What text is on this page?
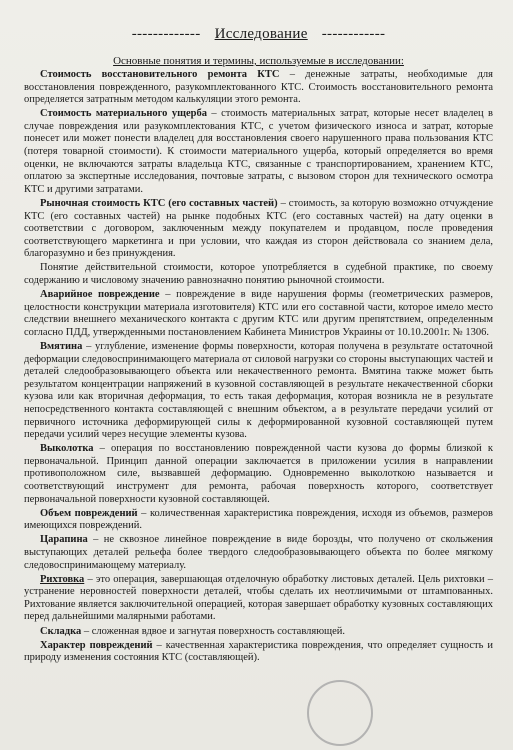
------------- Исследование ------------
Основные понятия и термины, используемые в исследовании:

Стоимость восстановительного ремонта КТС – денежные затраты, необходимые для восстановления поврежденного, разукомплектованного КТС. Стоимость восстановительного ремонта определяется затратным методом калькуляции этого ремонта.

Стоимость материального ущерба – стоимость материальных затрат, которые несет владелец в случае повреждения или разукомплектования КТС, с учетом физического износа и затрат, которые понесет или может понести владелец для восстановления своего нарушенного права пользования КТС (потеря товарной стоимости). К стоимости материального ущерба, который определяется во время оценки, не включаются затраты владельца КТС, связанные с транспортированием, хранением КТС, оплатою за экспертные исследования, почтовые затраты, с вызовом сторон для технического осмотра КТС и другими затратами.

Рыночная стоимость КТС (его составных частей) – стоимость, за которую возможно отчуждение КТС (его составных частей) на рынке подобных КТС (его составных частей) на дату оценки в соответствии с договором, заключенным между покупателем и продавцом, после проведения соответствующего маркетинга и при условии, что каждая из сторон действовала со знанием дела, благоразумно и без принуждения.

Понятие действительной стоимости, которое употребляется в судебной практике, по своему содержанию и числовому значению равнозначно понятию рыночной стоимости.

Аварийное повреждение – повреждение в виде нарушения формы (геометрических размеров, целостности конструкции материала изготовителя) КТС или его составной части, которое имело место следствии внешнего механического контакта с другим КТС или другим препятствием, определенным согласно ПДД, утвержденными постановлением Кабинета Министров Украины от 10.10.2001г. № 1306.

Вмятина – углубление, изменение формы поверхности, которая получена в результате остаточной деформации следовоспринимающего материала от силовой нагрузки со стороны выступающих частей и деталей следообразовывающего объекта или некачественного ремонта. Вмятина также может быть результатом концентрации напряжений в кузовной составляющей в результате некачественной сборки кузова или как вторичная деформация, то есть такая деформация, которая возникла не в результате непосредственного контакта составляющей с внешним объектом, а в результате передачи усилий от первичного источника деформирующей силы к деформированной кузовной составляющей путем передачи усилий через несущие элементы кузова.

Выколотка – операция по восстановлению поврежденной части кузова до формы близкой к первоначальной. Принцип данной операции заключается в приложении усилия в направлении противоположном силе, вызвавшей деформацию. Одновременно выколоткою называется и соответствующий инструмент для ремонта, рабочая поверхность которого, соответствует первоначальной поверхности кузовной составляющей.

Объем повреждений – количественная характеристика повреждения, исходя из объемов, размеров имеющихся повреждений.

Царапина – не сквозное линейное повреждение в виде борозды, что получено от скольжения выступающих деталей рельефа более твердого следообразовывающего объекта по более мягкому следовоспринимающему материалу.

Рихтовка – это операция, завершающая отделочную обработку листовых деталей. Цель рихтовки – устранение неровностей поверхности деталей, чтобы сделать их неотличимыми от штампованных. Рихтование является заключительной операцией, которая завершает обработку кузовных составляющих перед дальнейшими малярными работами.

Складка – сложенная вдвое и загнутая поверхность составляющей.

Характер повреждений – качественная характеристика повреждения, что определяет сущность и природу изменения состояния КТС (составляющей).
